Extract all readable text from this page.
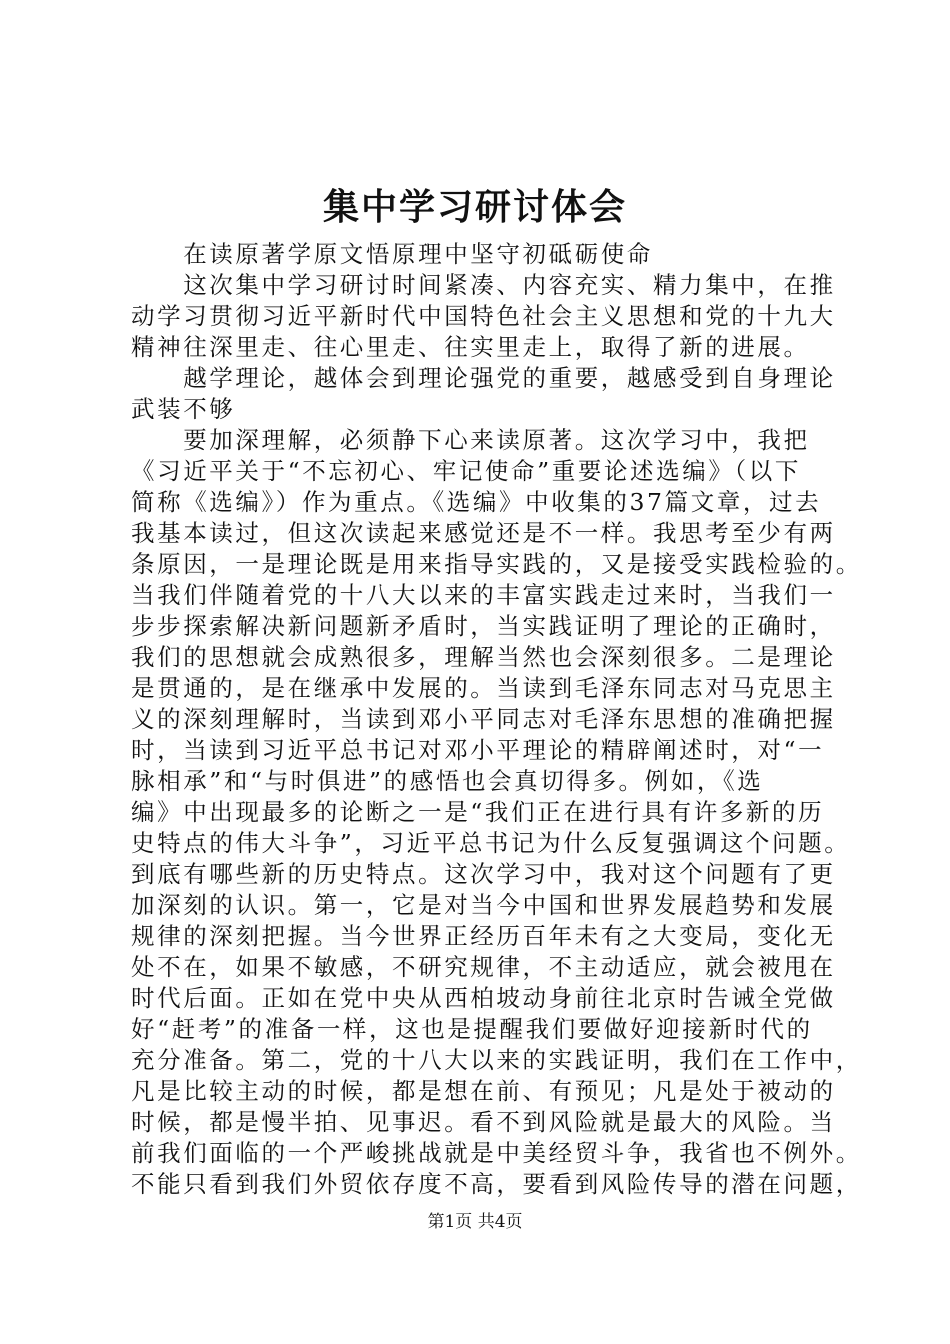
集中学习研讨体会
　　在读原著学原文悟原理中坚守初砥砺使命
　　这次集中学习研讨时间紧凑、内容充实、精力集中，在推
动学习贯彻习近平新时代中国特色社会主义思想和党的十九大
精神往深里走、往心里走、往实里走上，取得了新的进展。
　　越学理论，越体会到理论强党的重要，越感受到自身理论
武装不够
　　要加深理解，必须静下心来读原著。这次学习中，我把
《习近平关于“不忘初心、牢记使命”重要论述选编》（以下
简称《选编》）作为重点。《选编》中收集的37篇文章，过去
我基本读过，但这次读起来感觉还是不一样。我思考至少有两
条原因，一是理论既是用来指导实践的，又是接受实践检验的。
当我们伴随着党的十八大以来的丰富实践走过来时，当我们一
步步探索解决新问题新矛盾时，当实践证明了理论的正确时，
我们的思想就会成熟很多，理解当然也会深刻很多。二是理论
是贯通的，是在继承中发展的。当读到毛泽东同志对马克思主
义的深刻理解时，当读到邓小平同志对毛泽东思想的准确把握
时，当读到习近平总书记对邓小平理论的精辟阐述时，对“一
脉相承”和“与时俱进”的感悟也会真切得多。例如，《选
编》中出现最多的论断之一是“我们正在进行具有许多新的历
史特点的伟大斗争”，习近平总书记为什么反复强调这个问题。
到底有哪些新的历史特点。这次学习中，我对这个问题有了更
加深刻的认识。第一，它是对当今中国和世界发展趋势和发展
规律的深刻把握。当今世界正经历百年未有之大变局，变化无
处不在，如果不敏感，不研究规律，不主动适应，就会被甩在
时代后面。正如在党中央从西柏坡动身前往北京时告诫全党做
好“赶考”的准备一样，这也是提醒我们要做好迎接新时代的
充分准备。第二，党的十八大以来的实践证明，我们在工作中，
凡是比较主动的时候，都是想在前、有预见；凡是处于被动的
时候，都是慢半拍、见事迟。看不到风险就是最大的风险。当
前我们面临的一个严峻挑战就是中美经贸斗争，我省也不例外。
不能只看到我们外贸依存度不高，要看到风险传导的潜在问题，
第1页 共4页
